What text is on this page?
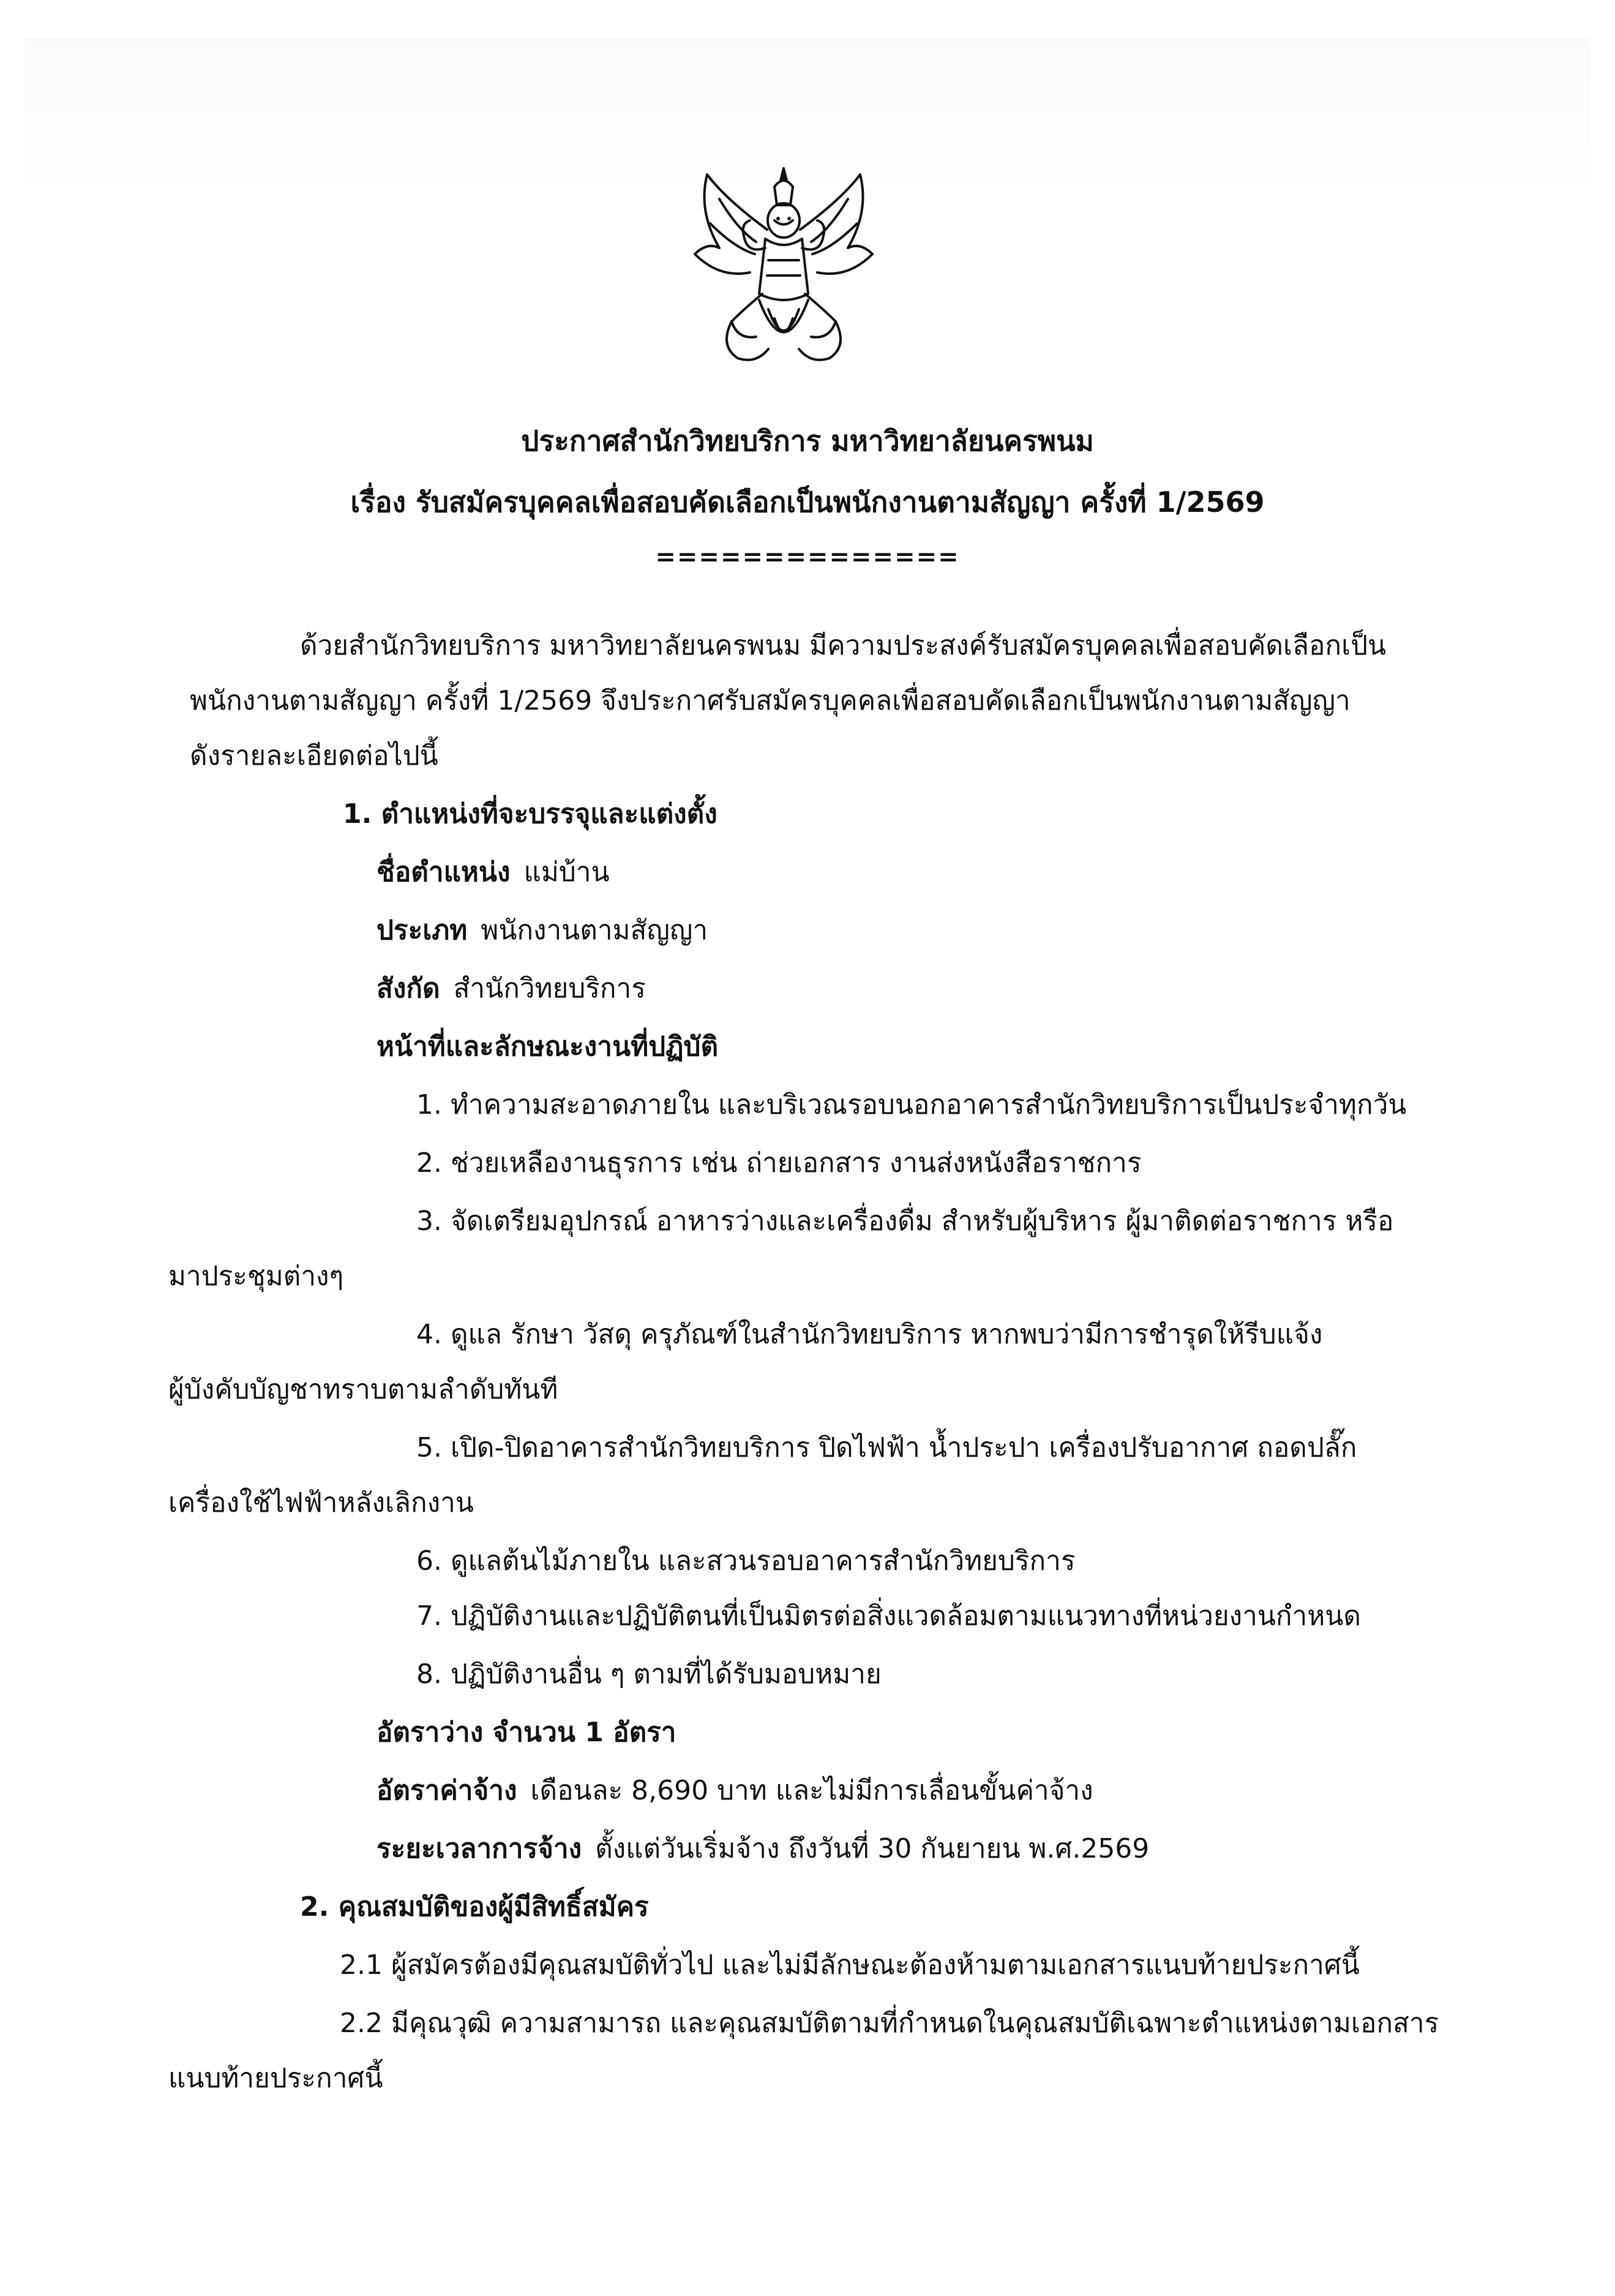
ประกาศสำนักวิทยบริการ มหาวิทยาลัยนครพนม
เรื่อง รับสมัครบุคคลเพื่อสอบคัดเลือกเป็นพนักงานตามสัญญา ครั้งที่ 1/2569
==============
ด้วยสำนักวิทยบริการ มหาวิทยาลัยนครพนม มีความประสงค์รับสมัครบุคคลเพื่อสอบคัดเลือกเป็น
พนักงานตามสัญญา ครั้งที่ 1/2569 จึงประกาศรับสมัครบุคคลเพื่อสอบคัดเลือกเป็นพนักงานตามสัญญา
ดังรายละเอียดต่อไปนี้
1. ตำแหน่งที่จะบรรจุและแต่งตั้ง
ชื่อตำแหน่ง แม่บ้าน
ประเภท พนักงานตามสัญญา
สังกัด สำนักวิทยบริการ
หน้าที่และลักษณะงานที่ปฏิบัติ
1. ทำความสะอาดภายใน และบริเวณรอบนอกอาคารสำนักวิทยบริการเป็นประจำทุกวัน
2. ช่วยเหลืองานธุรการ เช่น ถ่ายเอกสาร งานส่งหนังสือราชการ
3. จัดเตรียมอุปกรณ์ อาหารว่างและเครื่องดื่ม สำหรับผู้บริหาร ผู้มาติดต่อราชการ หรือ
มาประชุมต่างๆ
4. ดูแล รักษา วัสดุ ครุภัณฑ์ในสำนักวิทยบริการ หากพบว่ามีการชำรุดให้รีบแจ้ง
ผู้บังคับบัญชาทราบตามลำดับทันที
5. เปิด-ปิดอาคารสำนักวิทยบริการ ปิดไฟฟ้า น้ำประปา เครื่องปรับอากาศ ถอดปลั๊ก
เครื่องใช้ไฟฟ้าหลังเลิกงาน
6. ดูแลต้นไม้ภายใน และสวนรอบอาคารสำนักวิทยบริการ
7. ปฏิบัติงานและปฏิบัติตนที่เป็นมิตรต่อสิ่งแวดล้อมตามแนวทางที่หน่วยงานกำหนด
8. ปฏิบัติงานอื่น ๆ ตามที่ได้รับมอบหมาย
อัตราว่าง จำนวน 1 อัตรา
อัตราค่าจ้าง เดือนละ 8,690 บาท และไม่มีการเลื่อนขั้นค่าจ้าง
ระยะเวลาการจ้าง ตั้งแต่วันเริ่มจ้าง ถึงวันที่ 30 กันยายน พ.ศ.2569
2. คุณสมบัติของผู้มีสิทธิ์สมัคร
2.1 ผู้สมัครต้องมีคุณสมบัติทั่วไป และไม่มีลักษณะต้องห้ามตามเอกสารแนบท้ายประกาศนี้
2.2 มีคุณวุฒิ ความสามารถ และคุณสมบัติตามที่กำหนดในคุณสมบัติเฉพาะตำแหน่งตามเอกสาร
แนบท้ายประกาศนี้
